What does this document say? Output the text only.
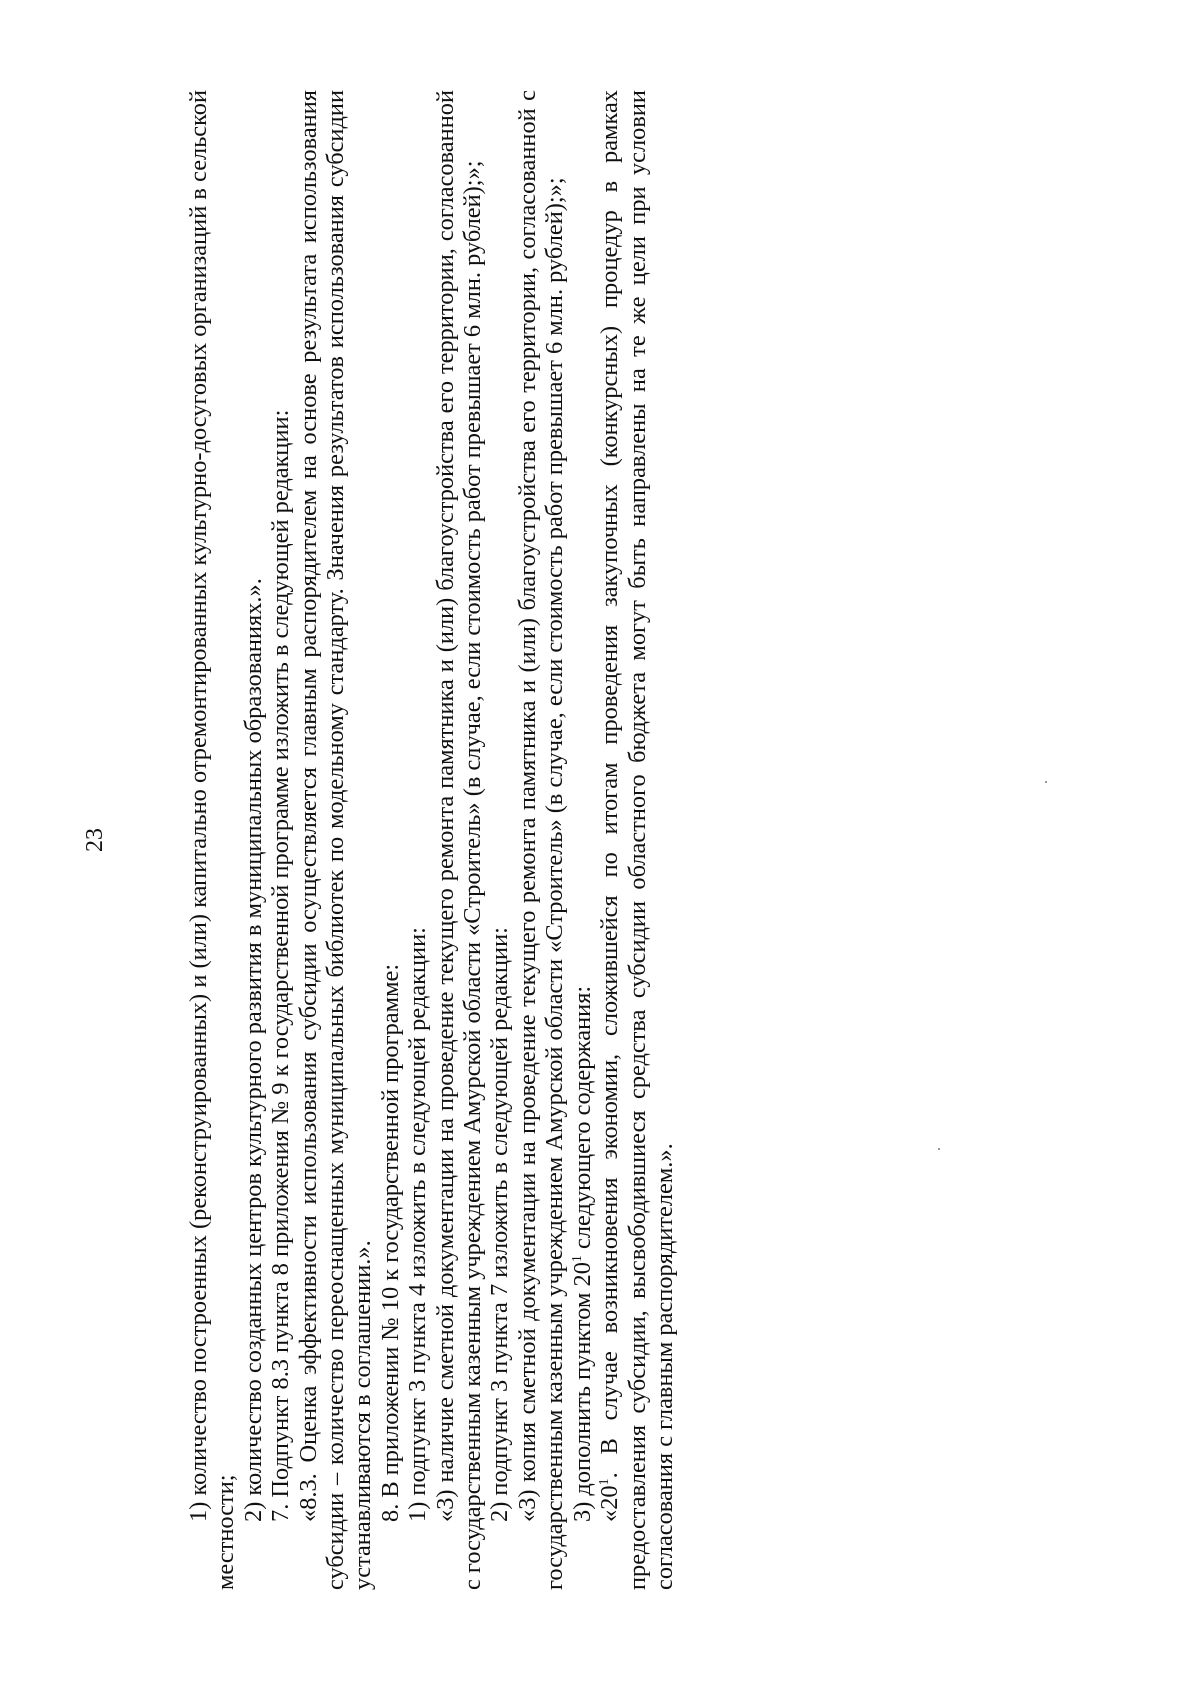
23	1) количество построенных (реконструированных) и (или) капитально отремонтированных культурно-досуговых организаций в сельской местности;

2) количество созданных центров культурного развития в муниципальных образованиях.». 7. Подпункт 8.3 пункта 8 приложения № 9 к государственной программе изложить в следующей редакции: «8.3. Оценка эффективности использования субсидии осуществляется главным распорядителем на основе результата использования субсидии – количество переоснащенных муниципальных библиотек по модельному стандарту. Значения результатов использования субсидии устанавливаются в соглашении.». 8. В приложении № 10 к государственной программе: 1) подпункт 3 пункта 4 изложить в следующей редакции: «3) наличие сметной документации на проведение текущего ремонта памятника и (или) благоустройства его территории, согласованной с государственным казенным учреждением Амурской области «Строитель» (в случае, если стоимость работ превышает 6 млн. рублей);»; 2) подпункт 3 пункта 7 изложить в следующей редакции: «3) копия сметной документации на проведение текущего ремонта памятника и (или) благоустройства его территории, согласованной с государственным казенным учреждением Амурской области «Строитель» (в случае, если стоимость работ превышает 6 млн. рублей);»; 3) дополнить пунктом $20^1$ следующего содержания:

«$20^1$. В случае возникновения экономии, сложившейся по итогам проведения закупочных (конкурсных) процедур в рамках предоставления субсидии, высвободившиеся средства субсидии областного бюджета могут быть направлены на те же цели при условии согласования с главным распорядителем.».
